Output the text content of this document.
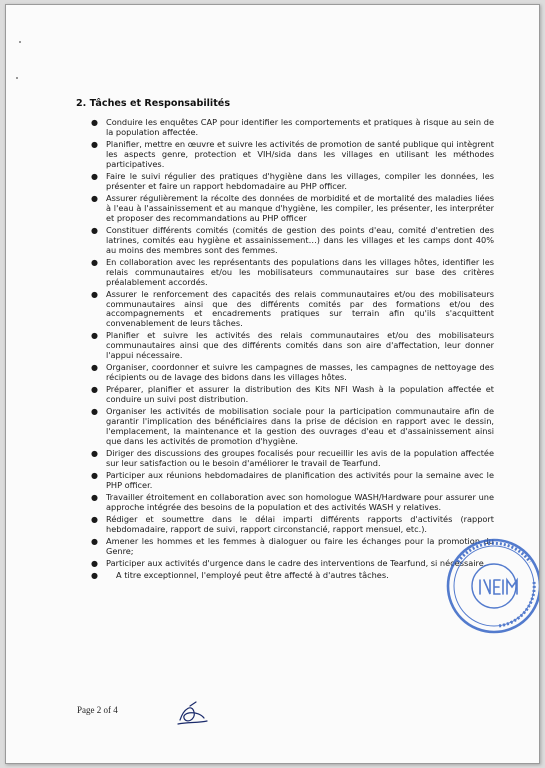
2. Tâches et Responsabilités
● Conduire les enquêtes CAP pour identifier les comportements et pratiques à risque au sein de la population affectée.
● Planifier, mettre en œuvre et suivre les activités de promotion de santé publique qui intègrent les aspects genre, protection et VIH/sida dans les villages en utilisant les méthodes participatives.
● Faire le suivi régulier des pratiques d'hygiène dans les villages, compiler les données, les présenter et faire un rapport hebdomadaire au PHP officer.
● Assurer régulièrement la récolte des données de morbidité et de mortalité des maladies liées à l'eau à l'assainissement et au manque d'hygiène, les compiler, les présenter, les interpréter et proposer des recommandations au PHP officer
● Constituer différents comités (comités de gestion des points d'eau, comité d'entretien des latrines, comités eau hygiène et assainissement…) dans les villages et les camps dont 40% au moins des membres sont des femmes.
● En collaboration avec les représentants des populations dans les villages hôtes, identifier les relais communautaires et/ou les mobilisateurs communautaires sur base des critères préalablement accordés.
● Assurer le renforcement des capacités des relais communautaires et/ou des mobilisateurs communautaires ainsi que des différents comités par des formations et/ou des accompagnements et encadrements pratiques sur terrain afin qu'ils s'acquittent convenablement de leurs tâches.
● Planifier et suivre les activités des relais communautaires et/ou des mobilisateurs communautaires ainsi que des différents comités dans son aire d'affectation, leur donner l'appui nécessaire.
● Organiser, coordonner et suivre les campagnes de masses, les campagnes de nettoyage des récipients ou de lavage des bidons dans les villages hôtes.
● Préparer, planifier et assurer la distribution des Kits NFI Wash à la population affectée et conduire un suivi post distribution.
● Organiser les activités de mobilisation sociale pour la participation communautaire afin de garantir l'implication des bénéficiaires dans la prise de décision en rapport avec le dessin, l'emplacement, la maintenance et la gestion des ouvrages d'eau et d'assainissement ainsi que dans les activités de promotion d'hygiène.
● Diriger des discussions des groupes focalisés pour recueillir les avis de la population affectée sur leur satisfaction ou le besoin d'améliorer le travail de Tearfund.
● Participer aux réunions hebdomadaires de planification des activités pour la semaine avec le PHP officer.
● Travailler étroitement en collaboration avec son homologue WASH/Hardware pour assurer une approche intégrée des besoins de la population et des activités WASH y relatives.
● Rédiger et soumettre dans le délai imparti différents rapports d'activités (rapport hebdomadaire, rapport de suivi, rapport circonstancié, rapport mensuel, etc.).
● Amener les hommes et les femmes à dialoguer ou faire les échanges pour la promotion du Genre;
● Participer aux activités d'urgence dans le cadre des interventions de Tearfund, si nécessaire.
● A titre exceptionnel, l'employé peut être affecté à d'autres tâches.
Page 2 of 4
